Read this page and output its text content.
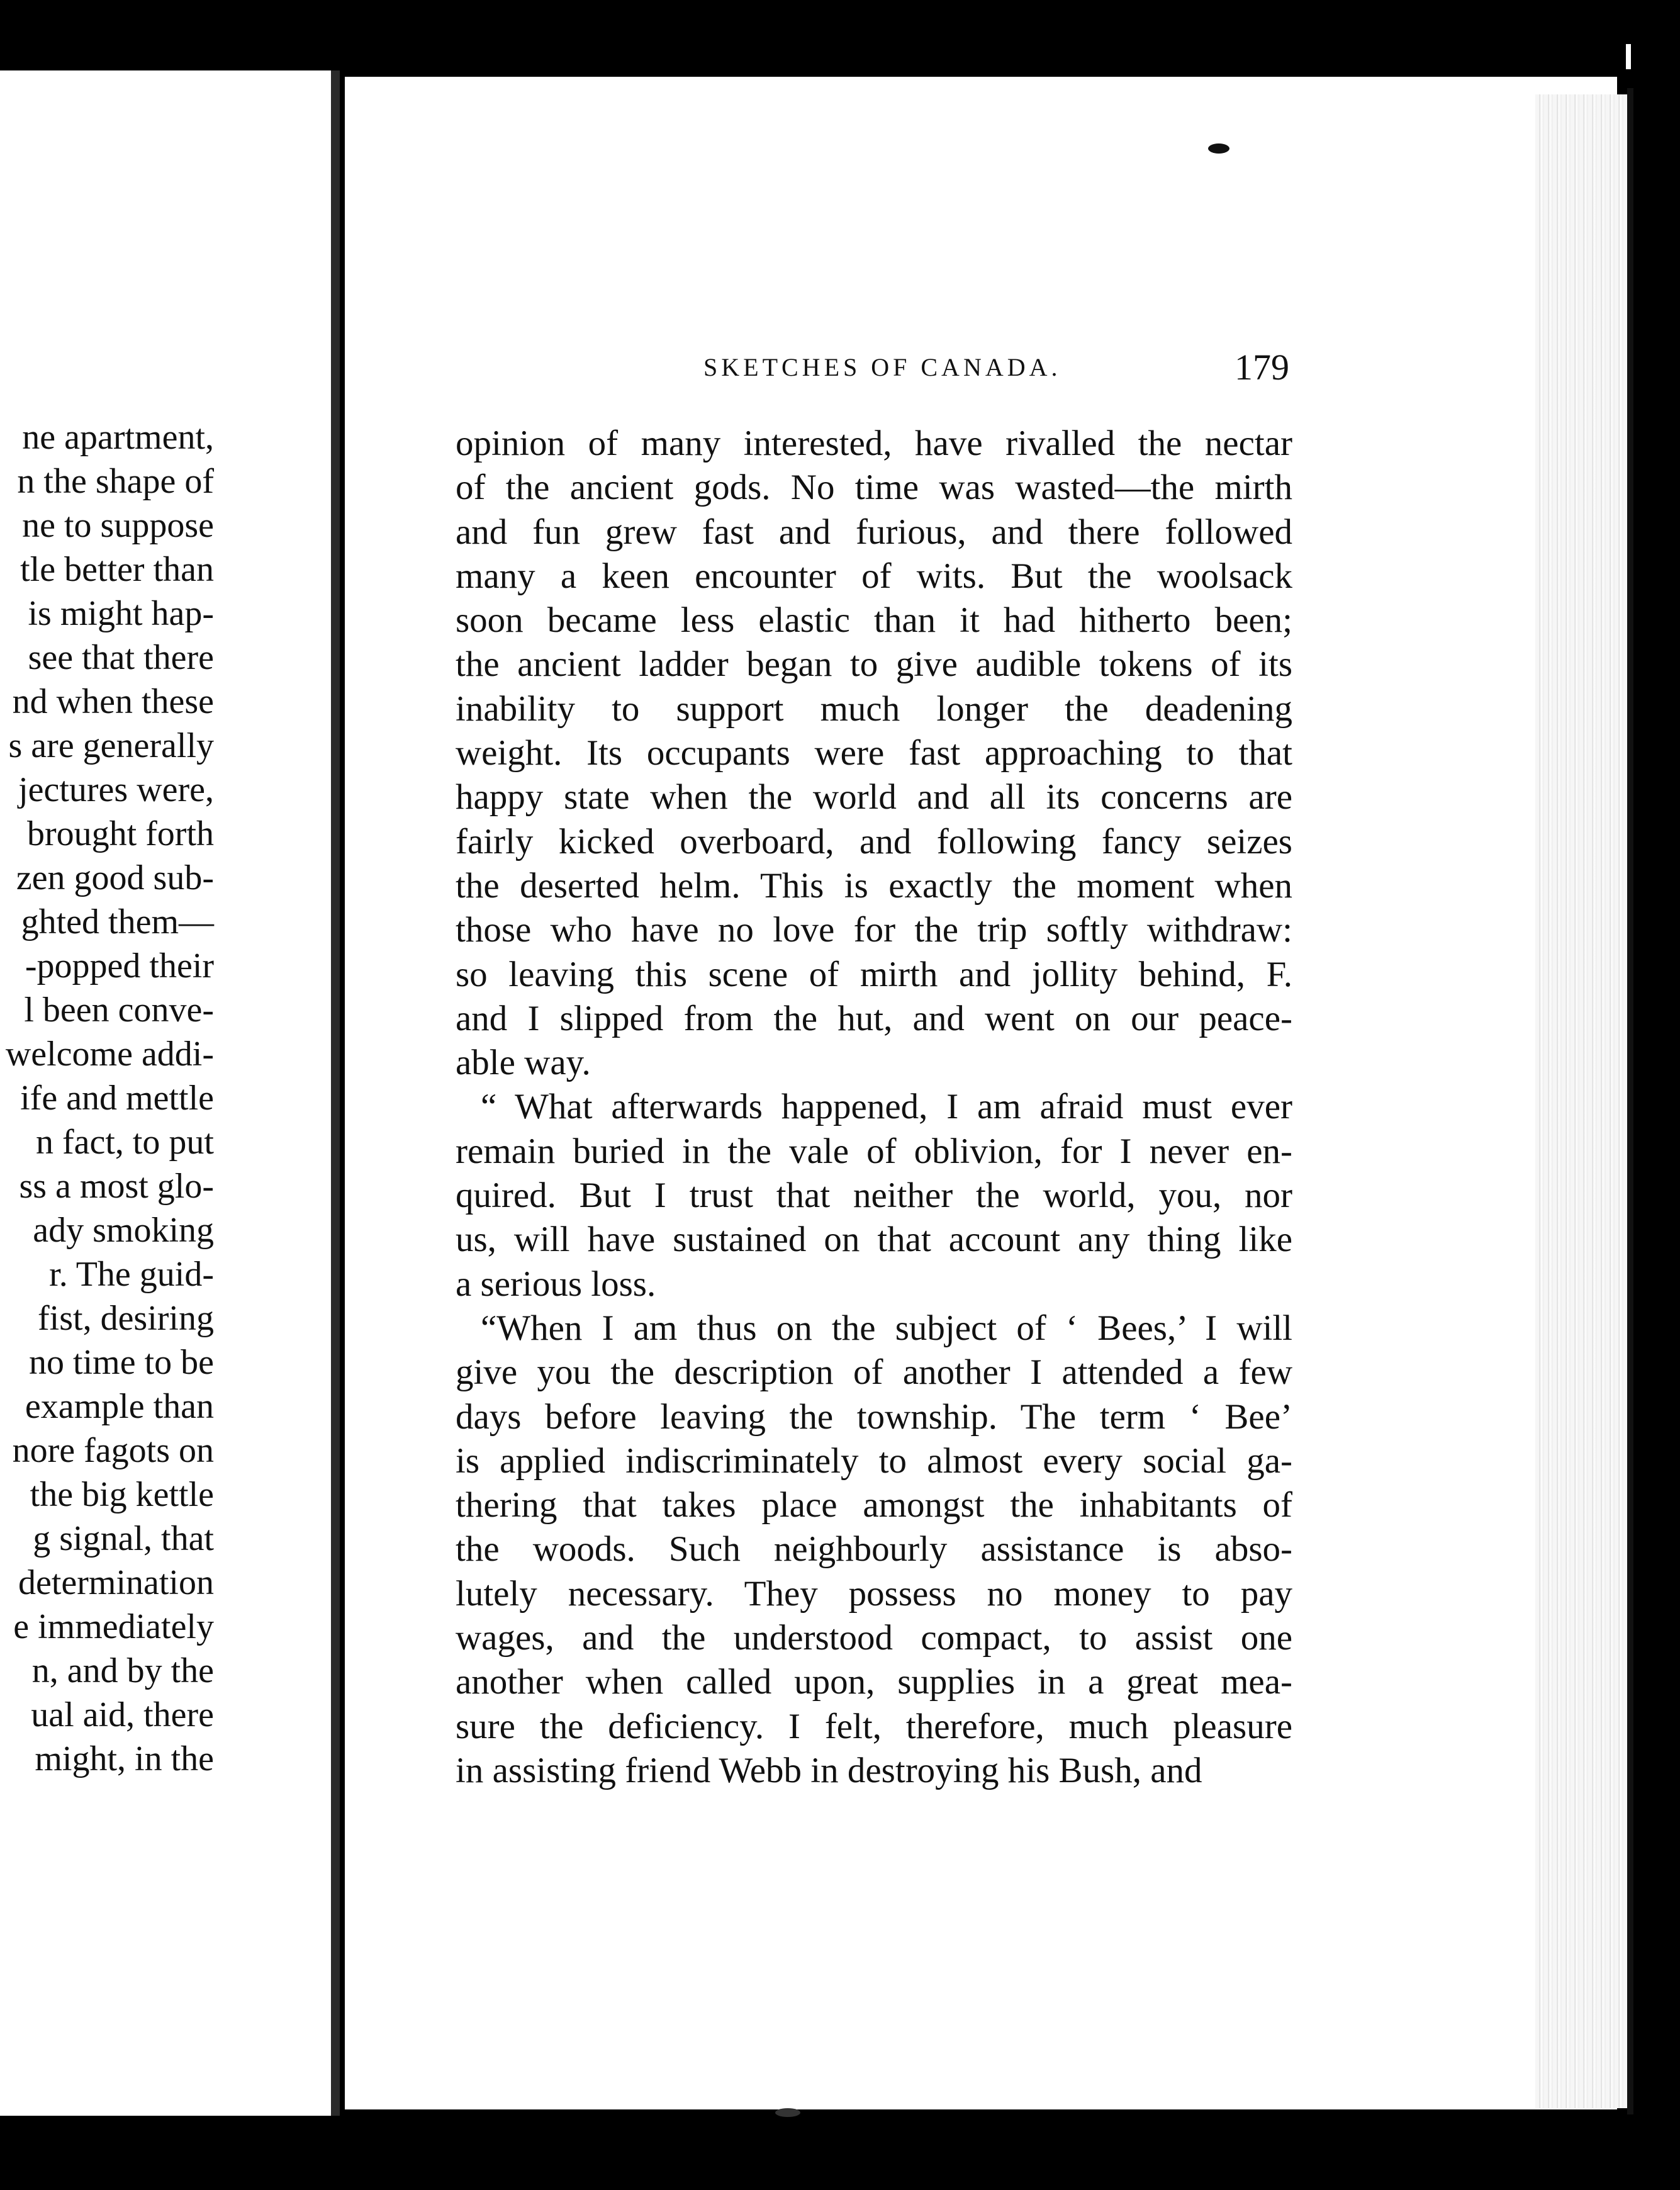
ne apartment,
n the shape of
ne to suppose
tle better than
is might hap-
see that there
nd when these
s are generally
jectures were,
brought forth
zen good sub-
ghted them—
-popped their
l been conve-
welcome addi-
ife and mettle
n fact, to put
ss a most glo-
ady smoking
r. The guid-
fist, desiring
no time to be
example than
nore fagots on
the big kettle
g signal, that
determination
e immediately
n, and by the
ual aid, there
might, in the
SKETCHES OF CANADA.	179
opinion of many interested, have rivalled the nectar
of the ancient gods. No time was wasted—the mirth
and fun grew fast and furious, and there followed
many a keen encounter of wits. But the woolsack
soon became less elastic than it had hitherto been;
the ancient ladder began to give audible tokens of its
inability to support much longer the deadening
weight. Its occupants were fast approaching to that
happy state when the world and all its concerns are
fairly kicked overboard, and following fancy seizes
the deserted helm. This is exactly the moment when
those who have no love for the trip softly withdraw:
so leaving this scene of mirth and jollity behind, F.
and I slipped from the hut, and went on our peace-
able way.
“ What afterwards happened, I am afraid must ever
remain buried in the vale of oblivion, for I never en-
quired. But I trust that neither the world, you, nor
us, will have sustained on that account any thing like
a serious loss.
“When I am thus on the subject of ‘ Bees,’ I will
give you the description of another I attended a few
days before leaving the township. The term ‘ Bee’
is applied indiscriminately to almost every social ga-
thering that takes place amongst the inhabitants of
the woods. Such neighbourly assistance is abso-
lutely necessary. They possess no money to pay
wages, and the understood compact, to assist one
another when called upon, supplies in a great mea-
sure the deficiency. I felt, therefore, much pleasure
in assisting friend Webb in destroying his Bush, and
